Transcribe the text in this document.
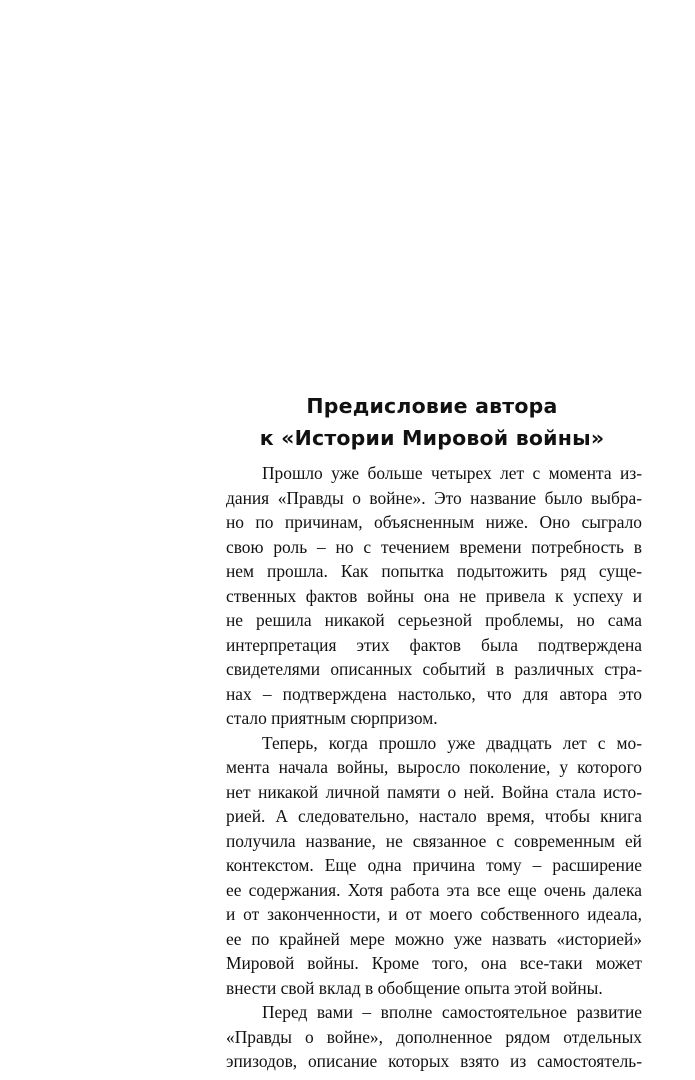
Предисловие автора
к «Истории Мировой войны»

Прошло уже больше четырех лет с момента из-

дания «Правды о войне». Это название было выбра-

но по причинам, объясненным ниже. Оно сыграло

свою роль – но с течением времени потребность в

нем прошла. Как попытка подытожить ряд суще-

ственных фактов войны она не привела к успеху и

не решила никакой серьезной проблемы, но сама

интерпретация этих фактов была подтверждена

свидетелями описанных событий в различных стра-

нах – подтверждена настолько, что для автора это

стало приятным сюрпризом.

Теперь, когда прошло уже двадцать лет с мо-

мента начала войны, выросло поколение, у которого

нет никакой личной памяти о ней. Война стала исто-

рией. А следовательно, настало время, чтобы книга

получила название, не связанное с современным ей

контекстом. Еще одна причина тому – расширение

ее содержания. Хотя работа эта все еще очень далека

и от законченности, и от моего собственного идеала,

ее по крайней мере можно уже назвать «историей»

Мировой войны. Кроме того, она все-таки может

внести свой вклад в обобщение опыта этой войны.

Перед вами – вполне самостоятельное развитие

«Правды о войне», дополненное рядом отдельных

эпизодов, описание которых взято из самостоятель-
